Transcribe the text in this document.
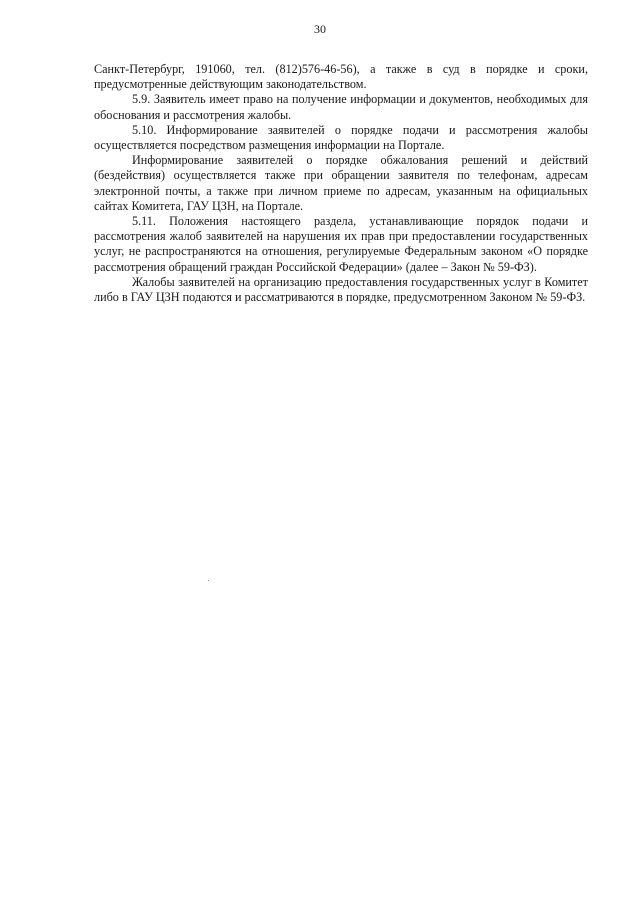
30

Санкт-Петербург, 191060, тел. (812)576-46-56), а также в суд в порядке и сроки, предусмотренные действующим законодательством.

5.9. Заявитель имеет право на получение информации и документов, необходимых для обоснования и рассмотрения жалобы.

5.10. Информирование заявителей о порядке подачи и рассмотрения жалобы осуществляется посредством размещения информации на Портале.

Информирование заявителей о порядке обжалования решений и действий (бездействия) осуществляется также при обращении заявителя по телефонам, адресам электронной почты, а также при личном приеме по адресам, указанным на официальных сайтах Комитета, ГАУ ЦЗН, на Портале.

5.11. Положения настоящего раздела, устанавливающие порядок подачи и рассмотрения жалоб заявителей на нарушения их прав при предоставлении государственных услуг, не распространяются на отношения, регулируемые Федеральным законом «О порядке рассмотрения обращений граждан Российской Федерации» (далее – Закон № 59-ФЗ).

Жалобы заявителей на организацию предоставления государственных услуг в Комитет либо в ГАУ ЦЗН подаются и рассматриваются в порядке, предусмотренном Законом № 59-ФЗ.
